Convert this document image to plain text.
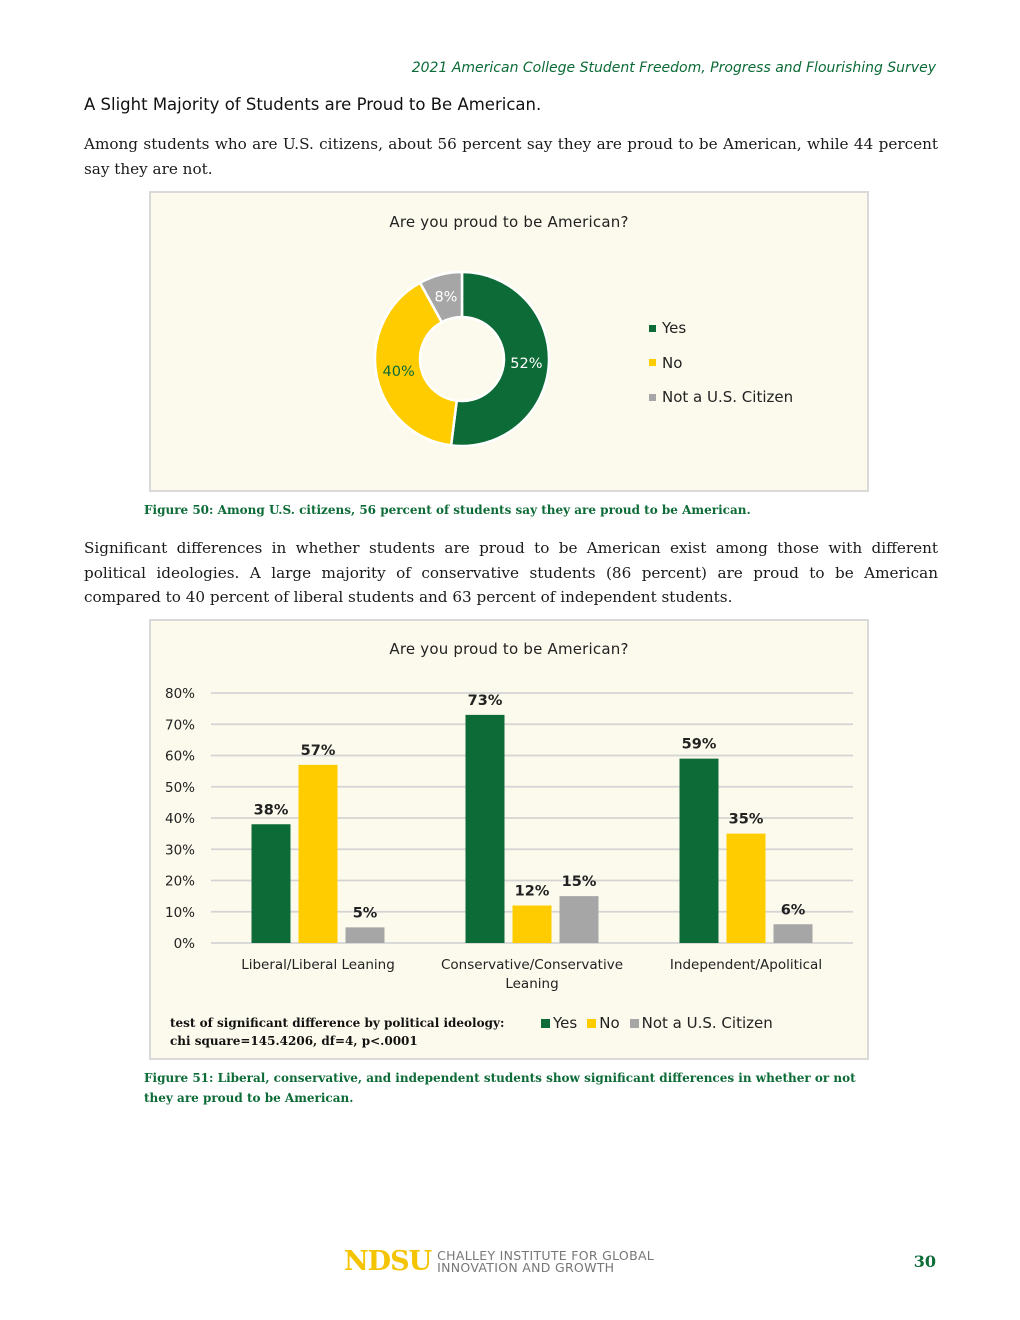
2021 American College Student Freedom, Progress and Flourishing Survey
A Slight Majority of Students are Proud to Be American.

Among students who are U.S. citizens, about 56 percent say they are proud to be American, while 44 percent say they are not.

Are you proud to be American?
52%
40%
8%
Yes
No
Not a U.S. Citizen
Figure 50: Among U.S. citizens, 56 percent of students say they are proud to be American.

Significant differences in whether students are proud to be American exist among those with different political ideologies. A large majority of conservative students (86 percent) are proud to be American compared to 40 percent of liberal students and 63 percent of independent students.

Are you proud to be American?
0%
10%
20%
30%
40%
50%
60%
70%
80%
38%
57%
5%
Liberal/Liberal Leaning
73%
12%
15%
Conservative/Conservative
Leaning
59%
35%
6%
Independent/Apolitical
test of significant difference by political ideology:
chi square=145.4206, df=4, p<.0001
Yes No Not a U.S. Citizen
Figure 51: Liberal, conservative, and independent students show significant differences in whether or not they are proud to be American.
NDSU CHALLEY INSTITUTE FOR GLOBAL
INNOVATION AND GROWTH	30
